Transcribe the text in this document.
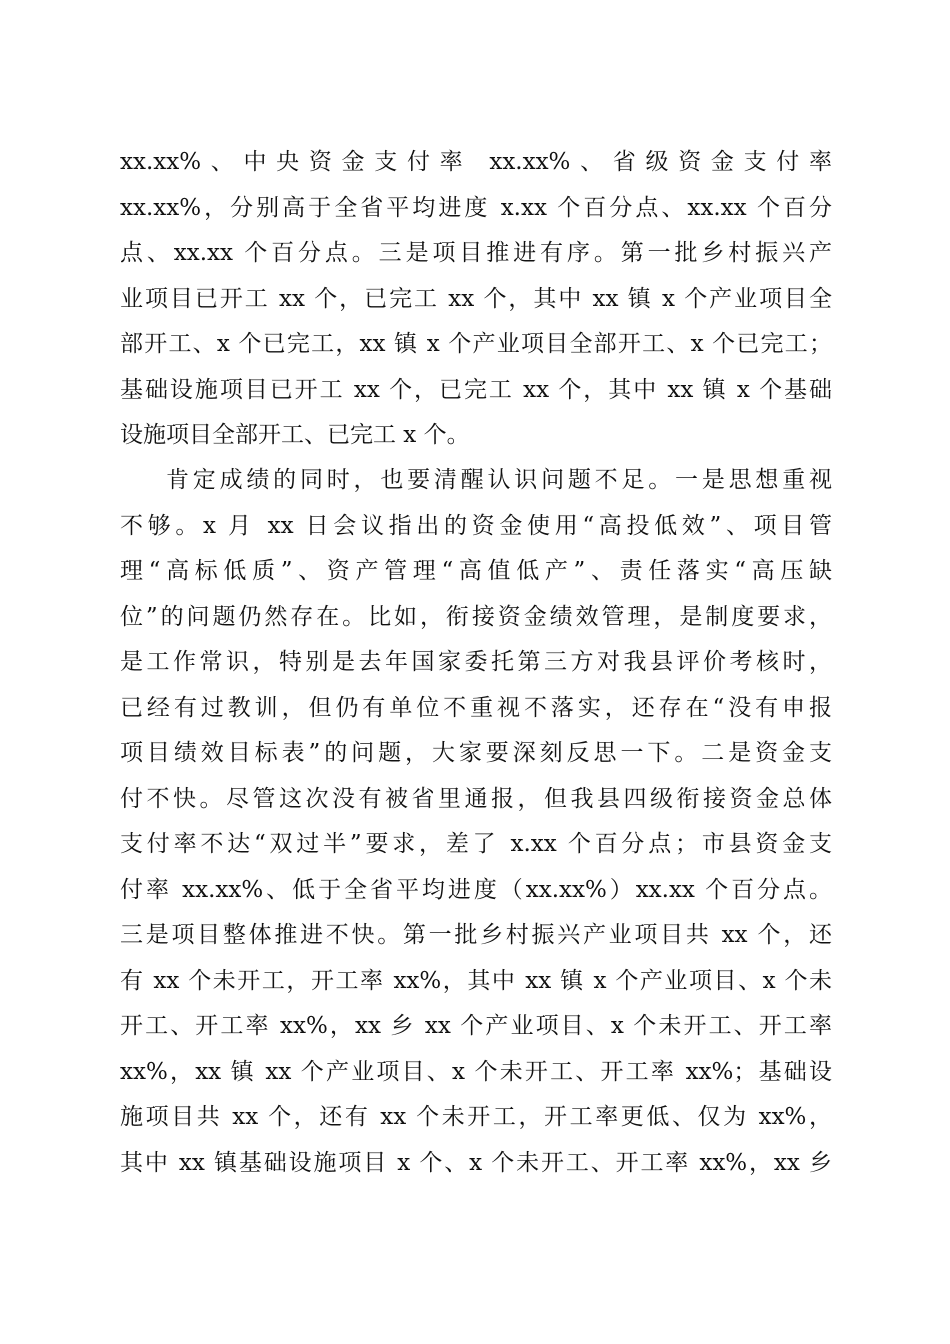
xx.xx%、中央资金支付率 xx.xx%、省级资金支付率
xx.xx%，分别高于全省平均进度 x.xx 个百分点、xx.xx 个百分
点、xx.xx 个百分点。三是项目推进有序。第一批乡村振兴产
业项目已开工 xx 个，已完工 xx 个，其中 xx 镇 x 个产业项目全
部开工、x 个已完工，xx 镇 x 个产业项目全部开工、x 个已完工；
基础设施项目已开工 xx 个，已完工 xx 个，其中 xx 镇 x 个基础
设施项目全部开工、已完工 x 个。
肯定成绩的同时，也要清醒认识问题不足。一是思想重视
不够。x 月 xx 日会议指出的资金使用“高投低效”、项目管
理“高标低质”、资产管理“高值低产”、责任落实“高压缺
位”的问题仍然存在。比如，衔接资金绩效管理，是制度要求，
是工作常识，特别是去年国家委托第三方对我县评价考核时，
已经有过教训，但仍有单位不重视不落实，还存在“没有申报
项目绩效目标表”的问题，大家要深刻反思一下。二是资金支
付不快。尽管这次没有被省里通报，但我县四级衔接资金总体
支付率不达“双过半”要求，差了 x.xx 个百分点；市县资金支
付率 xx.xx%、低于全省平均进度（xx.xx%）xx.xx 个百分点。
三是项目整体推进不快。第一批乡村振兴产业项目共 xx 个，还
有 xx 个未开工，开工率 xx%，其中 xx 镇 x 个产业项目、x 个未
开工、开工率 xx%，xx 乡 xx 个产业项目、x 个未开工、开工率
xx%，xx 镇 xx 个产业项目、x 个未开工、开工率 xx%；基础设
施项目共 xx 个，还有 xx 个未开工，开工率更低、仅为 xx%，
其中 xx 镇基础设施项目 x 个、x 个未开工、开工率 xx%，xx 乡
